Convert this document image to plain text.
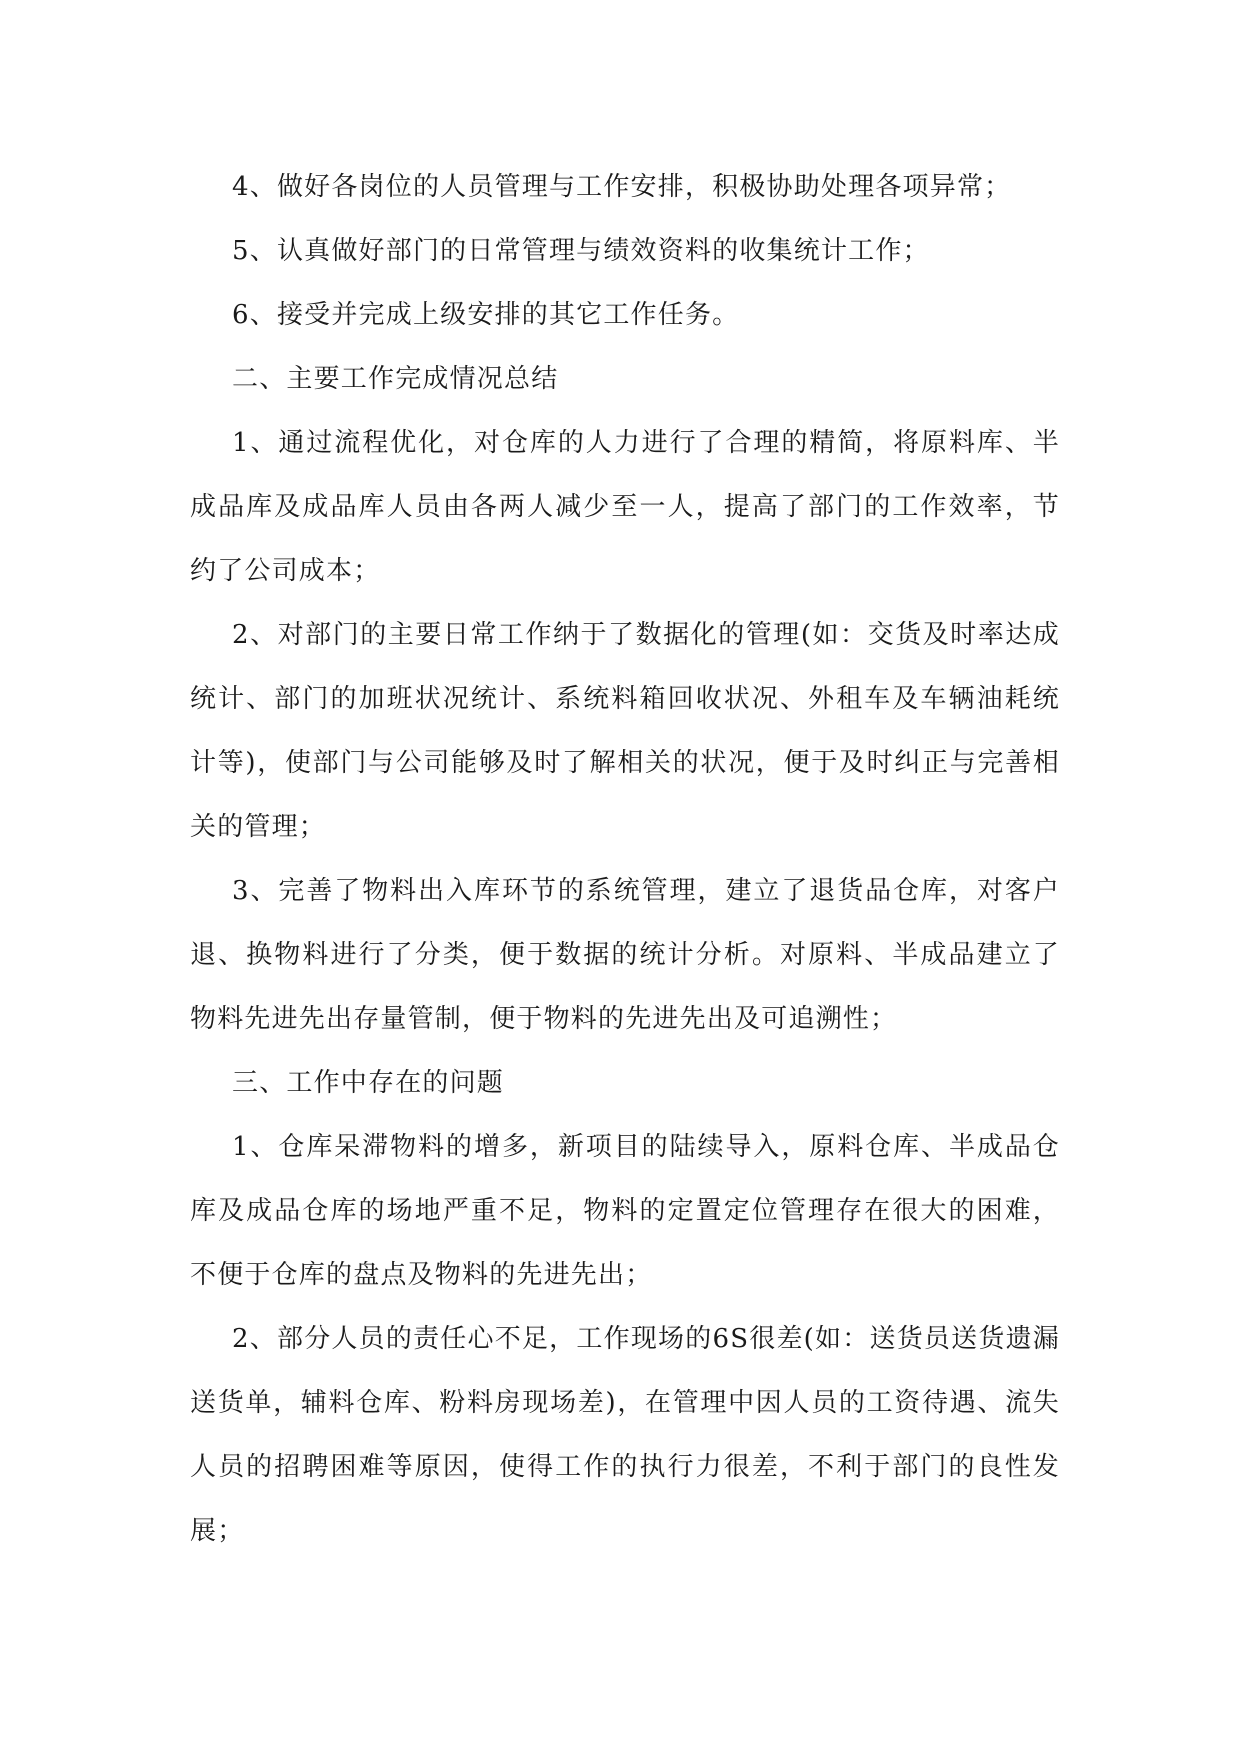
4、做好各岗位的人员管理与工作安排，积极协助处理各项异常；

5、认真做好部门的日常管理与绩效资料的收集统计工作；

6、接受并完成上级安排的其它工作任务。

二、主要工作完成情况总结

1、通过流程优化，对仓库的人力进行了合理的精简，将原料库、半成品库及成品库人员由各两人减少至一人，提高了部门的工作效率，节约了公司成本；

2、对部门的主要日常工作纳于了数据化的管理(如：交货及时率达成统计、部门的加班状况统计、系统料箱回收状况、外租车及车辆油耗统计等)，使部门与公司能够及时了解相关的状况，便于及时纠正与完善相关的管理；

3、完善了物料出入库环节的系统管理，建立了退货品仓库，对客户退、换物料进行了分类，便于数据的统计分析。对原料、半成品建立了物料先进先出存量管制，便于物料的先进先出及可追溯性；

三、工作中存在的问题

1、仓库呆滞物料的增多，新项目的陆续导入，原料仓库、半成品仓库及成品仓库的场地严重不足，物料的定置定位管理存在很大的困难，不便于仓库的盘点及物料的先进先出；

2、部分人员的责任心不足，工作现场的6S很差(如：送货员送货遗漏送货单，辅料仓库、粉料房现场差)，在管理中因人员的工资待遇、流失人员的招聘困难等原因，使得工作的执行力很差，不利于部门的良性发展；
